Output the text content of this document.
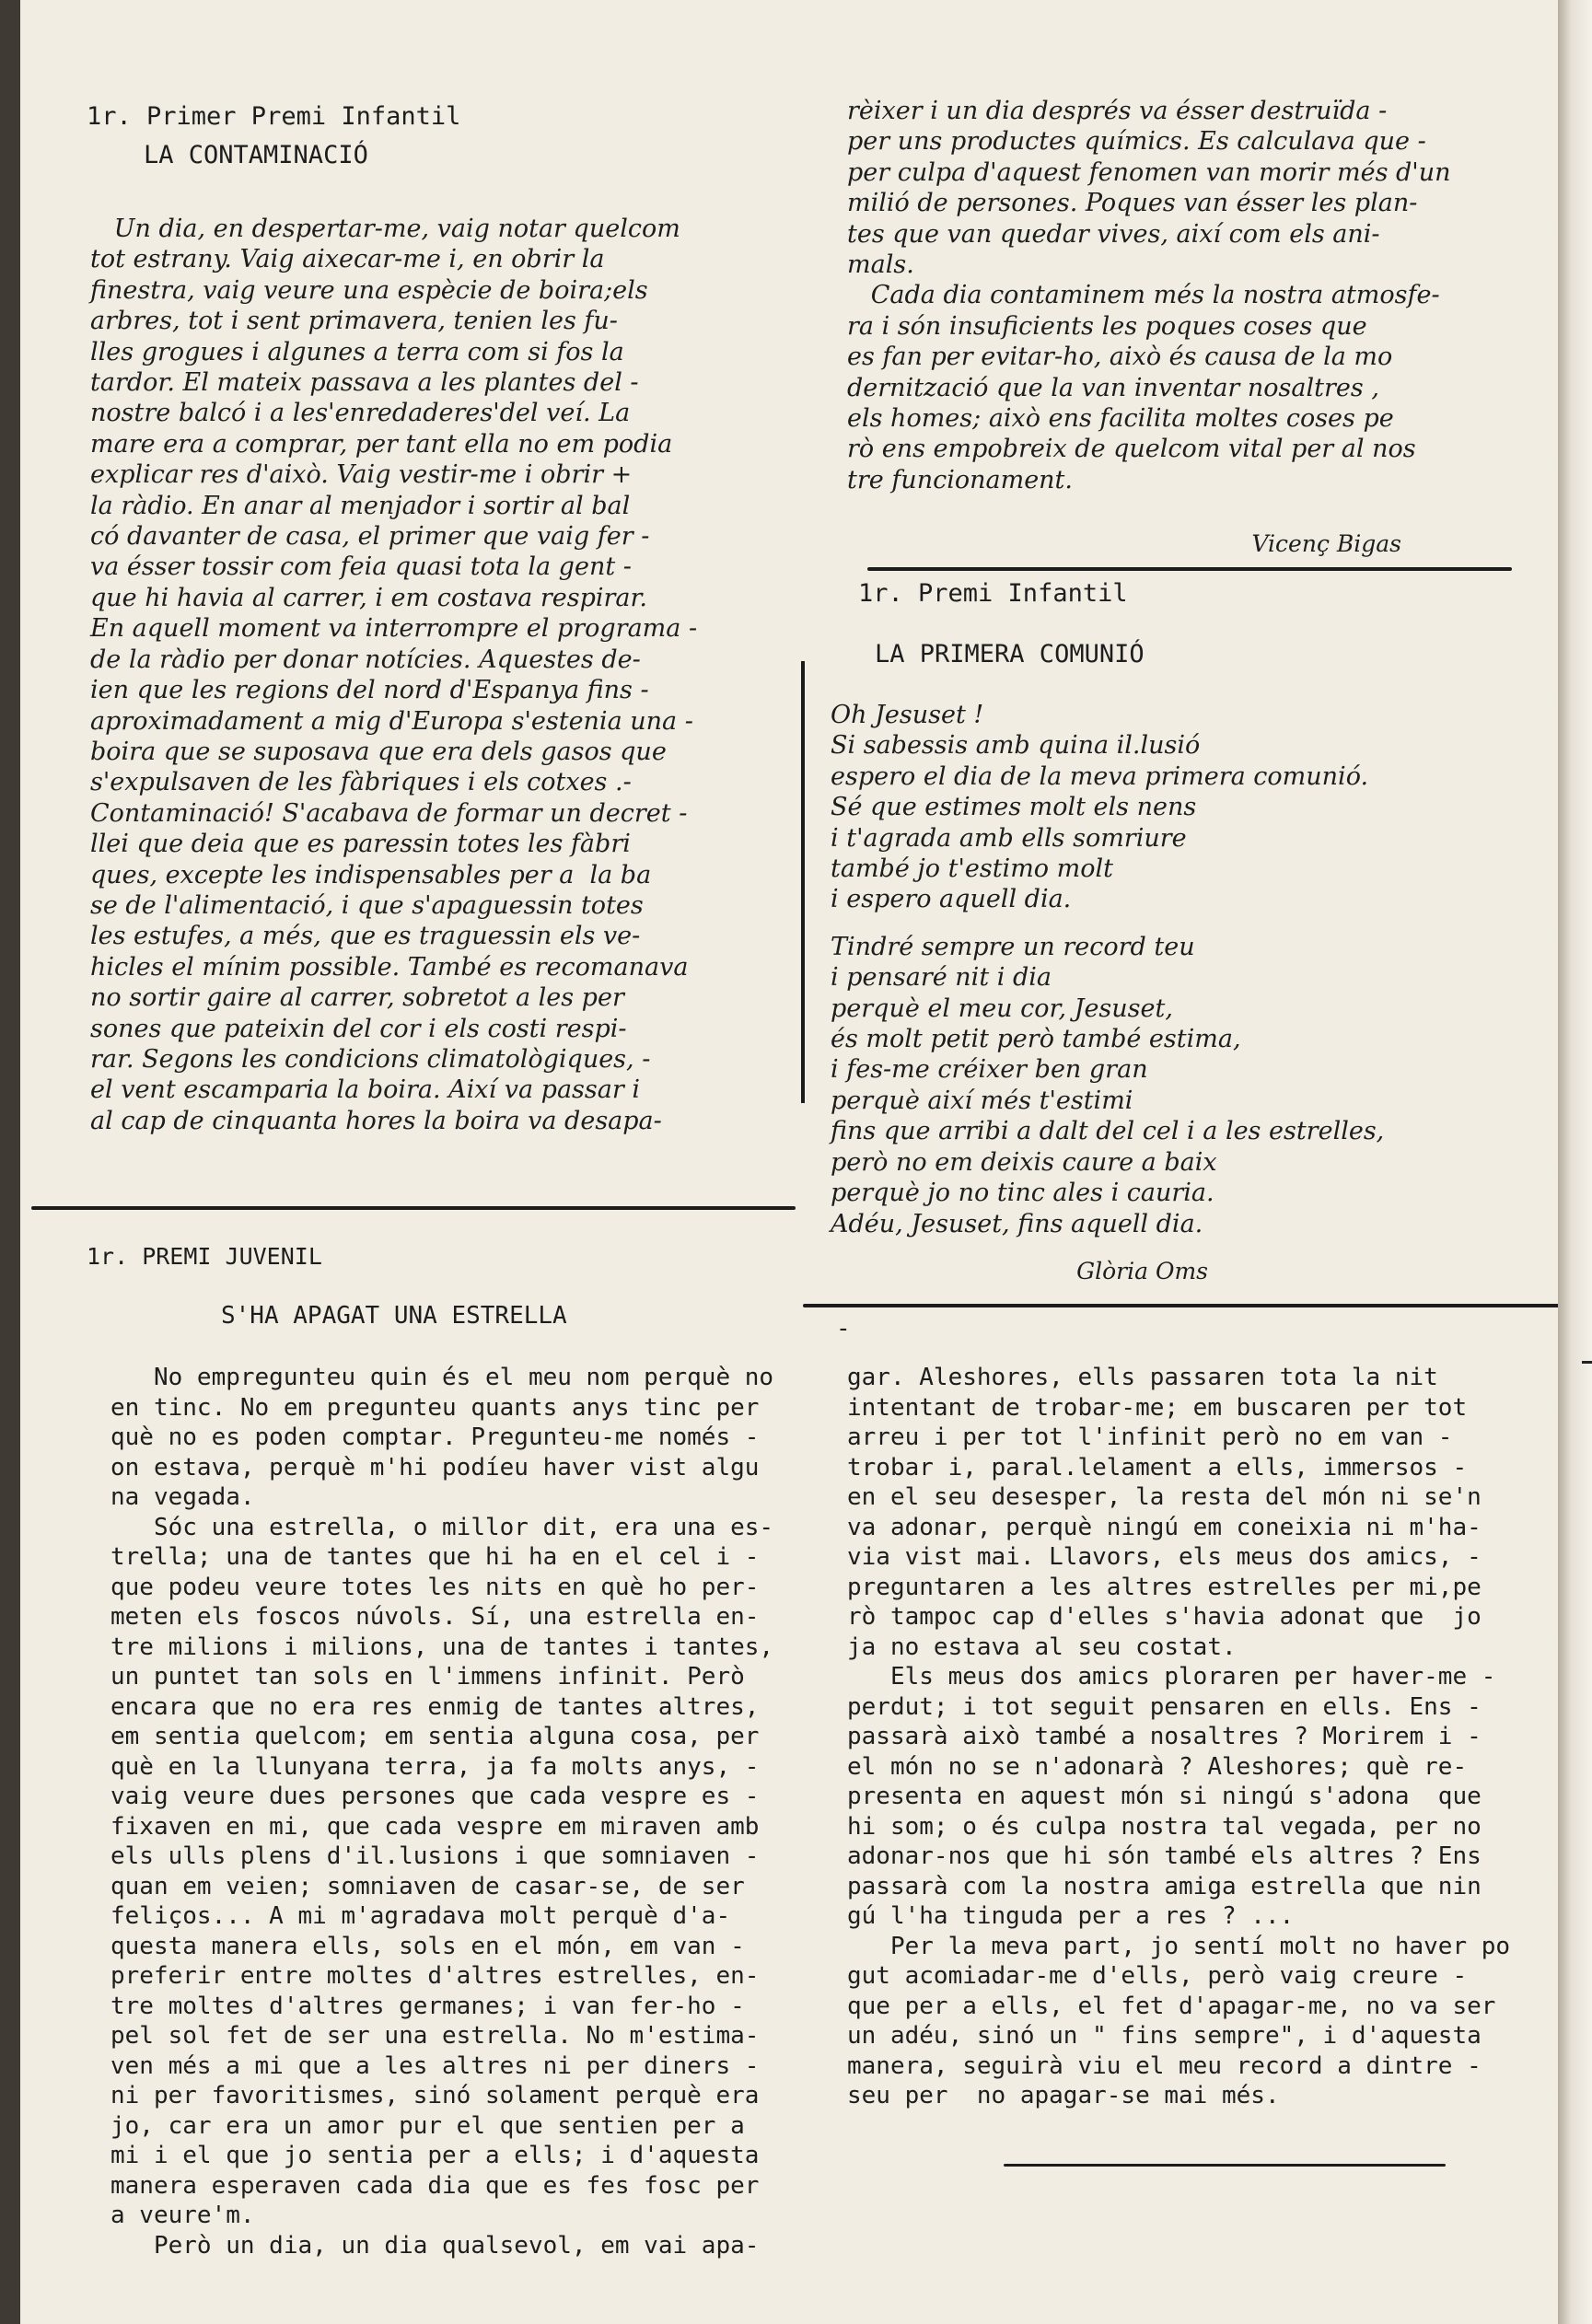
1r. Primer Premi Infantil
LA CONTAMINACIÓ

Un dia, en despertar-me, vaig notar quelcom
tot estrany. Vaig aixecar-me i, en obrir la
finestra, vaig veure una espècie de boira;els
arbres, tot i sent primavera, tenien les fu-
lles grogues i algunes a terra com si fos la
tardor. El mateix passava a les plantes del -
nostre balcó i a les'enredaderes'del veí. La
mare era a comprar, per tant ella no em podia
explicar res d'això. Vaig vestir-me i obrir +
la ràdio. En anar al menjador i sortir al bal
có davanter de casa, el primer que vaig fer -
va ésser tossir com feia quasi tota la gent -
que hi havia al carrer, i em costava respirar.
En aquell moment va interrompre el programa -
de la ràdio per donar notícies. Aquestes de-
ien que les regions del nord d'Espanya fins -
aproximadament a mig d'Europa s'estenia una -
boira que se suposava que era dels gasos que
s'expulsaven de les fàbriques i els cotxes .-
Contaminació! S'acabava de formar un decret -
llei que deia que es paressin totes les fàbri
ques, excepte les indispensables per a  la ba
se de l'alimentació, i que s'apaguessin totes
les estufes, a més, que es traguessin els ve-
hicles el mínim possible. També es recomanava
no sortir gaire al carrer, sobretot a les per
sones que pateixin del cor i els costi respi-
rar. Segons les condicions climatològiques, -
el vent escamparia la boira. Així va passar i
al cap de cinquanta hores la boira va desapa-

rèixer i un dia després va ésser destruïda -
per uns productes químics. Es calculava que -
per culpa d'aquest fenomen van morir més d'un
milió de persones. Poques van ésser les plan-
tes que van quedar vives, així com els ani-
mals.
Cada dia contaminem més la nostra atmosfe-
ra i són insuficients les poques coses que
es fan per evitar-ho, això és causa de la mo
dernització que la van inventar nosaltres ,
els homes; això ens facilita moltes coses pe
rò ens empobreix de quelcom vital per al nos
tre funcionament.

Vicenç Bigas
1r. Premi Infantil
LA PRIMERA COMUNIÓ

Oh Jesuset !
Si sabessis amb quina il.lusió
espero el dia de la meva primera comunió.
Sé que estimes molt els nens
i t'agrada amb ells somriure
també jo t'estimo molt
i espero aquell dia.

Tindré sempre un record teu
i pensaré nit i dia
perquè el meu cor, Jesuset,
és molt petit però també estima,
i fes-me créixer ben gran
perquè així més t'estimi
fins que arribi a dalt del cel i a les estrelles,
però no em deixis caure a baix
perquè jo no tinc ales i cauria.
Adéu, Jesuset, fins aquell dia.

Glòria Oms
-
1r. PREMI JUVENIL
S'HA APAGAT UNA ESTRELLA

No empregunteu quin és el meu nom perquè no
en tinc. No em pregunteu quants anys tinc per
què no es poden comptar. Pregunteu-me només -
on estava, perquè m'hi podíeu haver vist algu
na vegada.
Sóc una estrella, o millor dit, era una es-
trella; una de tantes que hi ha en el cel i -
que podeu veure totes les nits en què ho per-
meten els foscos núvols. Sí, una estrella en-
tre milions i milions, una de tantes i tantes,
un puntet tan sols en l'immens infinit. Però
encara que no era res enmig de tantes altres,
em sentia quelcom; em sentia alguna cosa, per
què en la llunyana terra, ja fa molts anys, -
vaig veure dues persones que cada vespre es -
fixaven en mi, que cada vespre em miraven amb
els ulls plens d'il.lusions i que somniaven -
quan em veien; somniaven de casar-se, de ser
feliços... A mi m'agradava molt perquè d'a-
questa manera ells, sols en el món, em van -
preferir entre moltes d'altres estrelles, en-
tre moltes d'altres germanes; i van fer-ho -
pel sol fet de ser una estrella. No m'estima-
ven més a mi que a les altres ni per diners -
ni per favoritismes, sinó solament perquè era
jo, car era un amor pur el que sentien per a
mi i el que jo sentia per a ells; i d'aquesta
manera esperaven cada dia que es fes fosc per
a veure'm.
Però un dia, un dia qualsevol, em vai apa-

gar. Aleshores, ells passaren tota la nit
intentant de trobar-me; em buscaren per tot
arreu i per tot l'infinit però no em van -
trobar i, paral.lelament a ells, immersos -
en el seu desesper, la resta del món ni se'n
va adonar, perquè ningú em coneixia ni m'ha-
via vist mai. Llavors, els meus dos amics, -
preguntaren a les altres estrelles per mi,pe
rò tampoc cap d'elles s'havia adonat que  jo
ja no estava al seu costat.
Els meus dos amics ploraren per haver-me -
perdut; i tot seguit pensaren en ells. Ens -
passarà això també a nosaltres ? Morirem i -
el món no se n'adonarà ? Aleshores; què re-
presenta en aquest món si ningú s'adona  que
hi som; o és culpa nostra tal vegada, per no
adonar-nos que hi són també els altres ? Ens
passarà com la nostra amiga estrella que nin
gú l'ha tinguda per a res ? ...
Per la meva part, jo sentí molt no haver po
gut acomiadar-me d'ells, però vaig creure -
que per a ells, el fet d'apagar-me, no va ser
un adéu, sinó un " fins sempre", i d'aquesta
manera, seguirà viu el meu record a dintre -
seu per  no apagar-se mai més.
